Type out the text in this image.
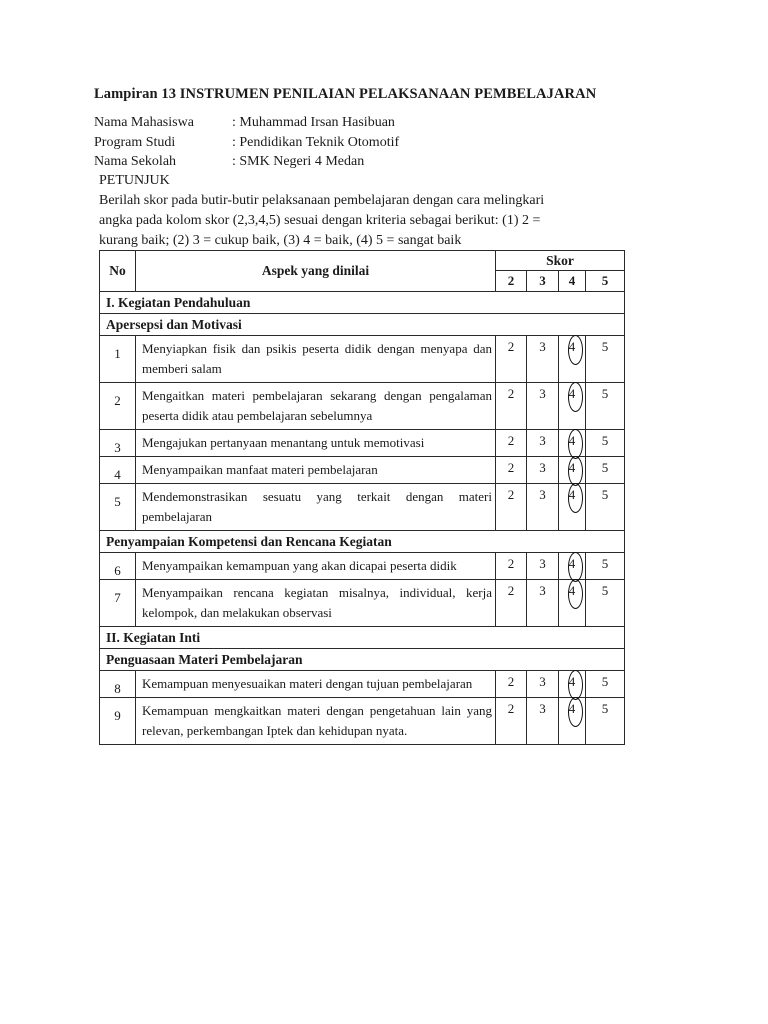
Lampiran 13 INSTRUMEN PENILAIAN PELAKSANAAN PEMBELAJARAN
Nama Mahasiswa	: Muhammad Irsan Hasibuan
Program Studi	: Pendidikan Teknik Otomotif
Nama Sekolah	: SMK Negeri 4 Medan
PETUNJUK
Berilah skor pada butir-butir pelaksanaan pembelajaran dengan cara melingkari
angka pada kolom skor (2,3,4,5) sesuai dengan kriteria sebagai berikut: (1) 2 =
kurang baik; (2) 3 = cukup baik, (3) 4 = baik, (4) 5 = sangat baik
No	Aspek yang dinilai	Skor			
		2	3	4	5
I. Kegiatan Pendahuluan					
Apersepsi dan Motivasi					
1	Menyiapkan fisik dan psikis peserta didik dengan menyapa dan memberi salam	2	3	4	5
2	Mengaitkan materi pembelajaran sekarang dengan pengalaman peserta didik atau pembelajaran sebelumnya	2	3	4	5
3	Mengajukan pertanyaan menantang untuk memotivasi	2	3	4	5
4	Menyampaikan manfaat materi pembelajaran	2	3	4	5
5	Mendemonstrasikan sesuatu yang terkait dengan materi pembelajaran	2	3	4	5
Penyampaian Kompetensi dan Rencana Kegiatan					
6	Menyampaikan kemampuan yang akan dicapai peserta didik	2	3	4	5
7	Menyampaikan rencana kegiatan misalnya, individual, kerja kelompok, dan melakukan observasi	2	3	4	5
II. Kegiatan Inti					
Penguasaan Materi Pembelajaran					
8	Kemampuan menyesuaikan materi dengan tujuan pembelajaran	2	3	4	5
9	Kemampuan mengkaitkan materi dengan pengetahuan lain yang relevan, perkembangan Iptek dan kehidupan nyata.	2	3	4	5
